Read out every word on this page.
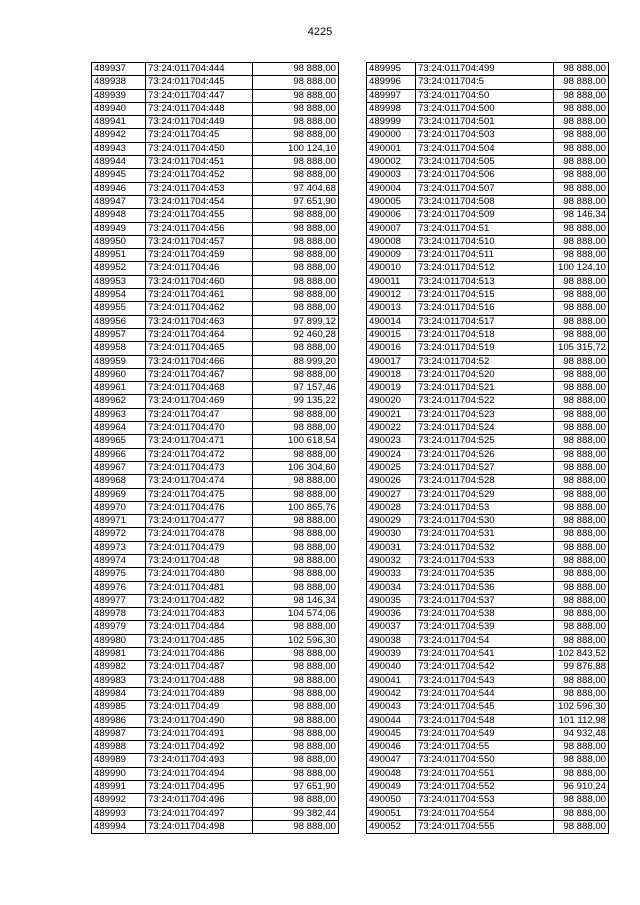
4225
489937	73:24:011704:444	98 888,00
489938	73:24:011704:445	98 888,00
489939	73:24:011704:447	98 888,00
489940	73:24:011704:448	98 888,00
489941	73:24:011704:449	98 888,00
489942	73:24:011704:45	98 888,00
489943	73:24:011704:450	100 124,10
489944	73:24:011704:451	98 888,00
489945	73:24:011704:452	98 888,00
489946	73:24:011704:453	97 404,68
489947	73:24:011704:454	97 651,90
489948	73:24:011704:455	98 888,00
489949	73:24:011704:456	98 888,00
489950	73:24:011704:457	98 888,00
489951	73:24:011704:459	98 888,00
489952	73:24:011704:46	98 888,00
489953	73:24:011704:460	98 888,00
489954	73:24:011704:461	98 888,00
489955	73:24:011704:462	98 888,00
489956	73:24:011704:463	97 899,12
489957	73:24:011704:464	92 460,28
489958	73:24:011704:465	98 888,00
489959	73:24:011704:466	88 999,20
489960	73:24:011704:467	98 888,00
489961	73:24:011704:468	97 157,46
489962	73:24:011704:469	99 135,22
489963	73:24:011704:47	98 888,00
489964	73:24:011704:470	98 888,00
489965	73:24:011704:471	100 618,54
489966	73:24:011704:472	98 888,00
489967	73:24:011704:473	106 304,60
489968	73:24:011704:474	98 888,00
489969	73:24:011704:475	98 888,00
489970	73:24:011704:476	100 865,76
489971	73:24:011704:477	98 888,00
489972	73:24:011704:478	98 888,00
489973	73:24:011704:479	98 888,00
489974	73:24:011704:48	98 888,00
489975	73:24:011704:480	98 888,00
489976	73:24:011704:481	98 888,00
489977	73:24:011704:482	98 146,34
489978	73:24:011704:483	104 574,06
489979	73:24:011704:484	98 888,00
489980	73:24:011704:485	102 596,30
489981	73:24:011704:486	98 888,00
489982	73:24:011704:487	98 888,00
489983	73:24:011704:488	98 888,00
489984	73:24:011704:489	98 888,00
489985	73:24:011704:49	98 888,00
489986	73:24:011704:490	98 888,00
489987	73:24:011704:491	98 888,00
489988	73:24:011704:492	98 888,00
489989	73:24:011704:493	98 888,00
489990	73:24:011704:494	98 888,00
489991	73:24:011704:495	97 651,90
489992	73:24:011704:496	98 888,00
489993	73:24:011704:497	99 382,44
489994	73:24:011704:498	98 888,00
489995	73:24:011704:499	98 888,00
489996	73:24:011704:5	98 888,00
489997	73:24:011704:50	98 888,00
489998	73:24:011704:500	98 888,00
489999	73:24:011704:501	98 888,00
490000	73:24:011704:503	98 888,00
490001	73:24:011704:504	98 888,00
490002	73:24:011704:505	98 888,00
490003	73:24:011704:506	98 888,00
490004	73:24:011704:507	98 888,00
490005	73:24:011704:508	98 888,00
490006	73:24:011704:509	98 146,34
490007	73:24:011704:51	98 888,00
490008	73:24:011704:510	98 888,00
490009	73:24:011704:511	98 888,00
490010	73:24:011704:512	100 124,10
490011	73:24:011704:513	98 888,00
490012	73:24:011704:515	98 888,00
490013	73:24:011704:516	98 888,00
490014	73:24:011704:517	98 888,00
490015	73:24:011704:518	98 888,00
490016	73:24:011704:519	105 315,72
490017	73:24:011704:52	98 888,00
490018	73:24:011704:520	98 888,00
490019	73:24:011704:521	98 888,00
490020	73:24:011704:522	98 888,00
490021	73:24:011704:523	98 888,00
490022	73:24:011704:524	98 888,00
490023	73:24:011704:525	98 888,00
490024	73:24:011704:526	98 888,00
490025	73:24:011704:527	98 888,00
490026	73:24:011704:528	98 888,00
490027	73:24:011704:529	98 888,00
490028	73:24:011704:53	98 888,00
490029	73:24:011704:530	98 888,00
490030	73:24:011704:531	98 888,00
490031	73:24:011704:532	98 888,00
490032	73:24:011704:533	98 888,00
490033	73:24:011704:535	98 888,00
490034	73:24:011704:536	98 888,00
490035	73:24:011704:537	98 888,00
490036	73:24:011704:538	98 888,00
490037	73:24:011704:539	98 888,00
490038	73:24:011704:54	98 888,00
490039	73:24:011704:541	102 843,52
490040	73:24:011704:542	99 876,88
490041	73:24:011704:543	98 888,00
490042	73:24:011704:544	98 888,00
490043	73:24:011704:545	102 596,30
490044	73:24:011704:548	101 112,98
490045	73:24:011704:549	94 932,48
490046	73:24:011704:55	98 888,00
490047	73:24:011704:550	98 888,00
490048	73:24:011704:551	98 888,00
490049	73:24:011704:552	96 910,24
490050	73:24:011704:553	98 888,00
490051	73:24:011704:554	98 888,00
490052	73:24:011704:555	98 888,00
